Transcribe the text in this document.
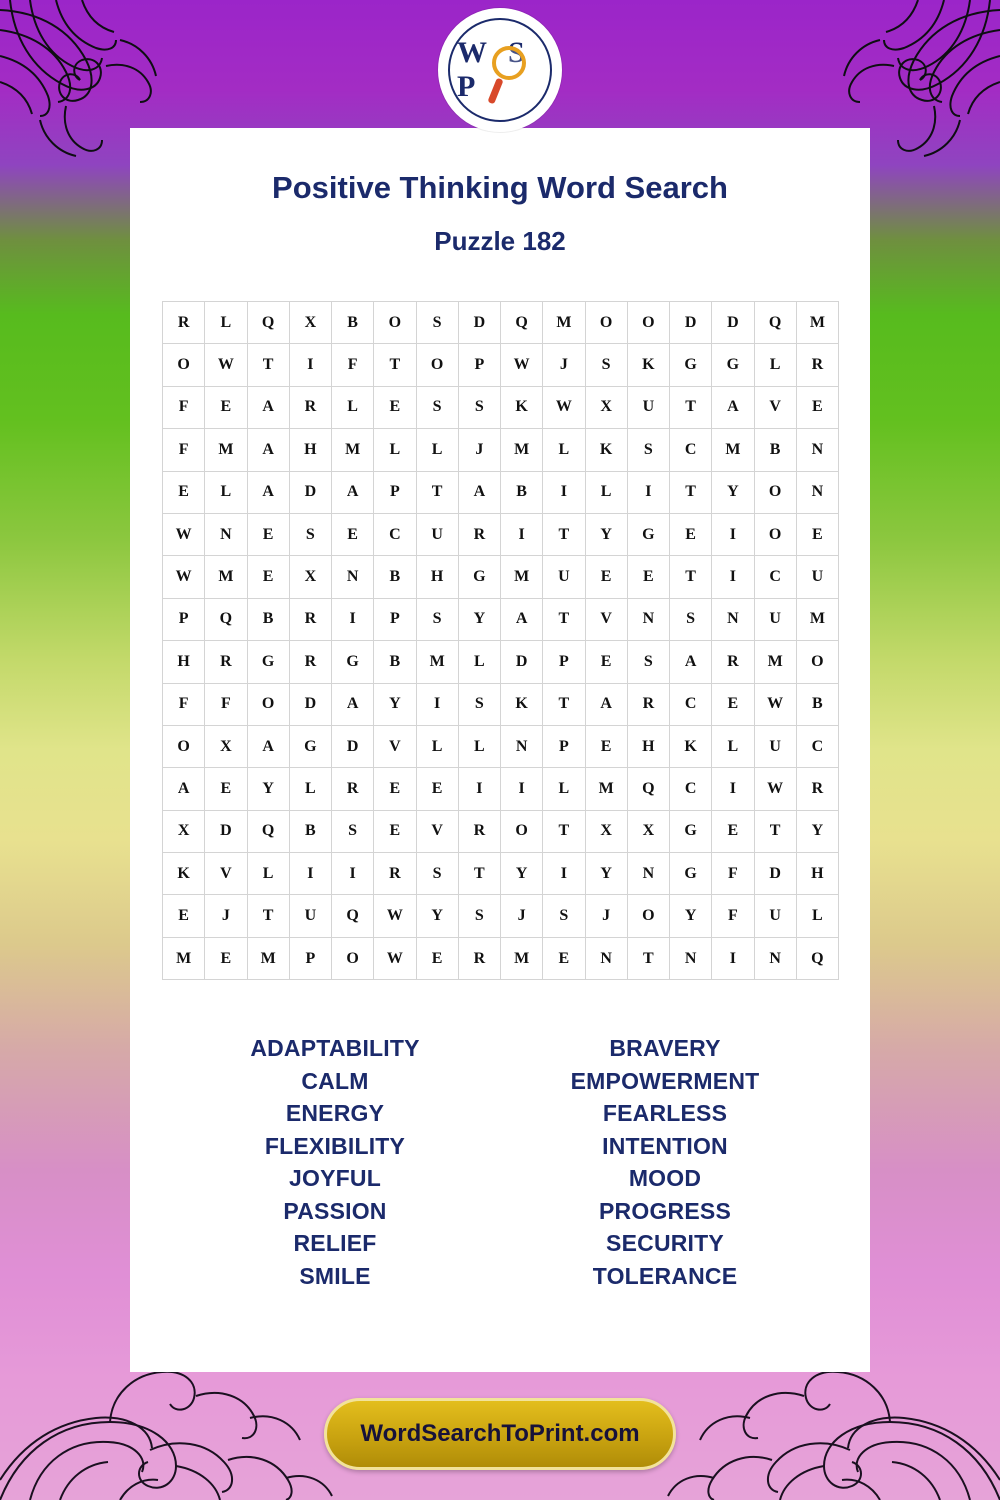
W S P
Positive Thinking Word Search
Puzzle 182
R	L	Q	X	B	O	S	D	Q	M	O	O	D	D	Q	M
O	W	T	I	F	T	O	P	W	J	S	K	G	G	L	R
F	E	A	R	L	E	S	S	K	W	X	U	T	A	V	E
F	M	A	H	M	L	L	J	M	L	K	S	C	M	B	N
E	L	A	D	A	P	T	A	B	I	L	I	T	Y	O	N
W	N	E	S	E	C	U	R	I	T	Y	G	E	I	O	E
W	M	E	X	N	B	H	G	M	U	E	E	T	I	C	U
P	Q	B	R	I	P	S	Y	A	T	V	N	S	N	U	M
H	R	G	R	G	B	M	L	D	P	E	S	A	R	M	O
F	F	O	D	A	Y	I	S	K	T	A	R	C	E	W	B
O	X	A	G	D	V	L	L	N	P	E	H	K	L	U	C
A	E	Y	L	R	E	E	I	I	L	M	Q	C	I	W	R
X	D	Q	B	S	E	V	R	O	T	X	X	G	E	T	Y
K	V	L	I	I	R	S	T	Y	I	Y	N	G	F	D	H
E	J	T	U	Q	W	Y	S	J	S	J	O	Y	F	U	L
M	E	M	P	O	W	E	R	M	E	N	T	N	I	N	Q
ADAPTABILITY
CALM
ENERGY
FLEXIBILITY
JOYFUL
PASSION
RELIEF
SMILE
BRAVERY
EMPOWERMENT
FEARLESS
INTENTION
MOOD
PROGRESS
SECURITY
TOLERANCE
WordSearchToPrint.com
